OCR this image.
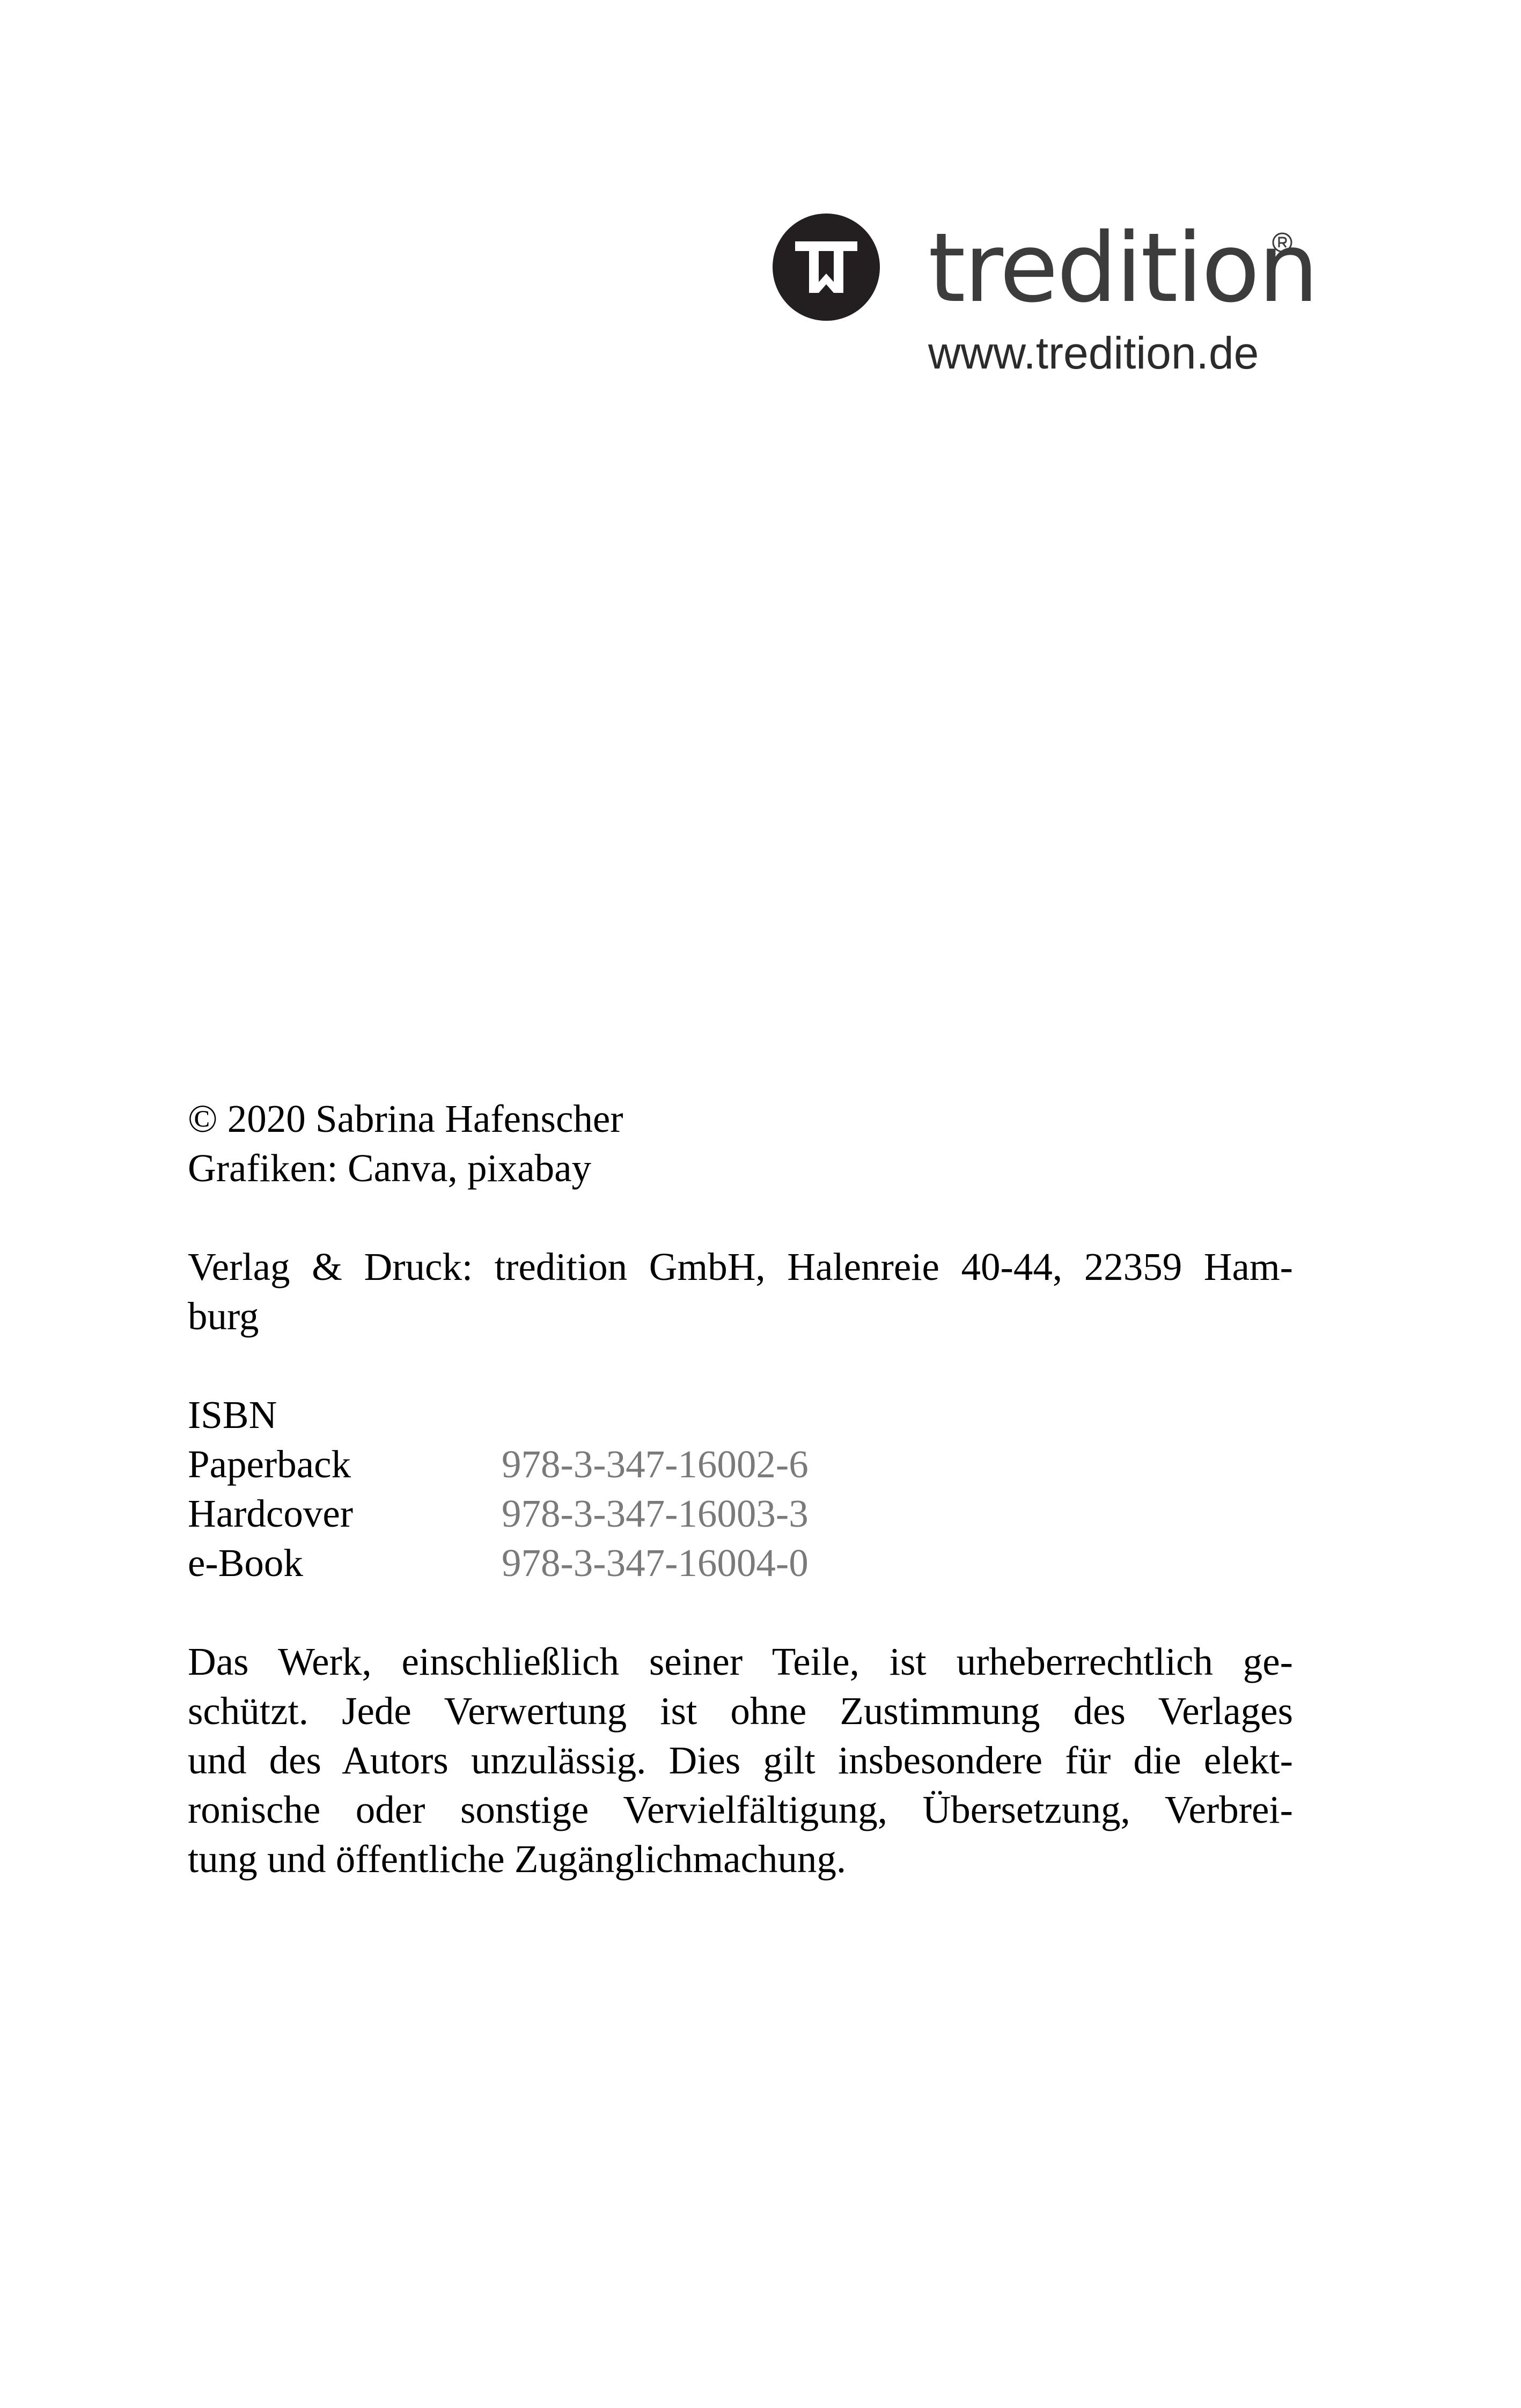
tredition
www.tredition.de
© 2020 Sabrina Hafenscher
Grafiken: Canva, pixabay

Verlag & Druck: tredition GmbH, Halenreie 40-44, 22359 Ham-

burg

ISBN
Paperback	978-3-347-16002-6
Hardcover	978-3-347-16003-3
e-Book	978-3-347-16004-0

Das Werk, einschließlich seiner Teile, ist urheberrechtlich ge-

schützt. Jede Verwertung ist ohne Zustimmung des Verlages

und des Autors unzulässig. Dies gilt insbesondere für die elekt-

ronische oder sonstige Vervielfältigung, Übersetzung, Verbrei-

tung und öffentliche Zugänglichmachung.
